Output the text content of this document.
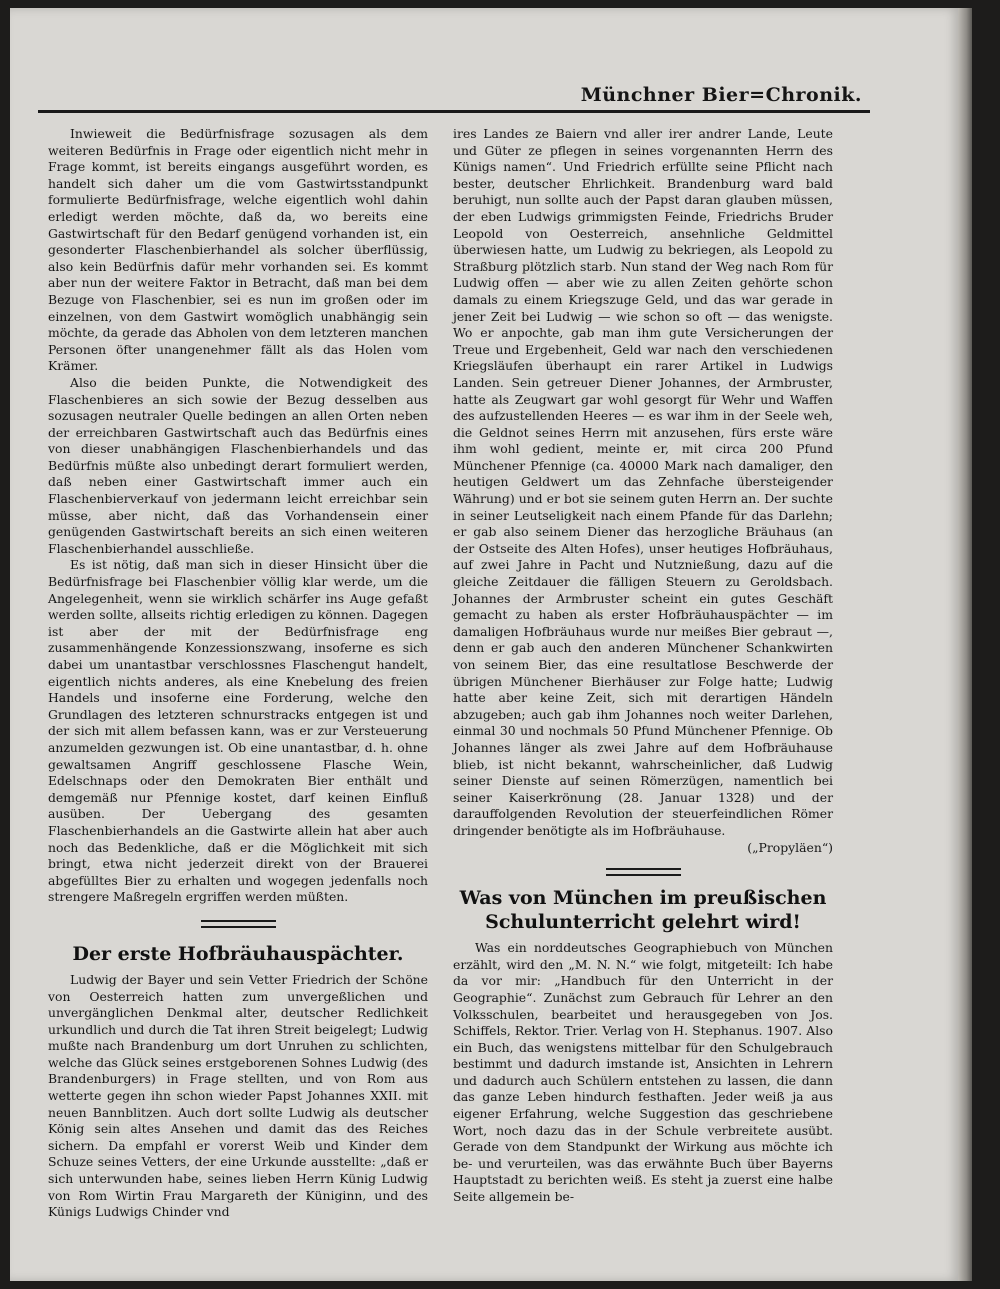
Münchner Bier=Chronik.

Inwieweit die Bedürfnisfrage sozusagen als dem weiteren Bedürfnis in Frage oder eigentlich nicht mehr in Frage kommt, ist bereits eingangs ausgeführt worden, es handelt sich daher um die vom Gastwirtsstandpunkt formulierte Bedürfnisfrage, welche eigentlich wohl dahin erledigt werden möchte, daß da, wo bereits eine Gastwirtschaft für den Bedarf genügend vorhanden ist, ein gesonderter Flaschenbierhandel als solcher überflüssig, also kein Bedürfnis dafür mehr vorhanden sei. Es kommt aber nun der weitere Faktor in Betracht, daß man bei dem Bezuge von Flaschenbier, sei es nun im großen oder im einzelnen, von dem Gastwirt womöglich unabhängig sein möchte, da gerade das Abholen von dem letzteren manchen Personen öfter unangenehmer fällt als das Holen vom Krämer.

Also die beiden Punkte, die Notwendigkeit des Flaschenbieres an sich sowie der Bezug desselben aus sozusagen neutraler Quelle bedingen an allen Orten neben der erreichbaren Gastwirtschaft auch das Bedürfnis eines von dieser unabhängigen Flaschenbierhandels und das Bedürfnis müßte also unbedingt derart formuliert werden, daß neben einer Gastwirtschaft immer auch ein Flaschenbierverkauf von jedermann leicht erreichbar sein müsse, aber nicht, daß das Vorhandensein einer genügenden Gastwirtschaft bereits an sich einen weiteren Flaschenbierhandel ausschließe.

Es ist nötig, daß man sich in dieser Hinsicht über die Bedürfnisfrage bei Flaschenbier völlig klar werde, um die Angelegenheit, wenn sie wirklich schärfer ins Auge gefaßt werden sollte, allseits richtig erledigen zu können. Dagegen ist aber der mit der Bedürfnisfrage eng zusammenhängende Konzessionszwang, insoferne es sich dabei um unantastbar verschlossnes Flaschengut handelt, eigentlich nichts anderes, als eine Knebelung des freien Handels und insoferne eine Forderung, welche den Grundlagen des letzteren schnurstracks entgegen ist und der sich mit allem befassen kann, was er zur Versteuerung anzumelden gezwungen ist. Ob eine unantastbar, d. h. ohne gewaltsamen Angriff geschlossene Flasche Wein, Edelschnaps oder den Demokraten Bier enthält und demgemäß nur Pfennige kostet, darf keinen Einfluß ausüben. Der Uebergang des gesamten Flaschenbierhandels an die Gastwirte allein hat aber auch noch das Bedenkliche, daß er die Möglichkeit mit sich bringt, etwa nicht jederzeit direkt von der Brauerei abgefülltes Bier zu erhalten und wogegen jedenfalls noch strengere Maßregeln ergriffen werden müßten.

Der erste Hofbräuhauspächter.

Ludwig der Bayer und sein Vetter Friedrich der Schöne von Oesterreich hatten zum unvergeßlichen und unvergänglichen Denkmal alter, deutscher Redlichkeit urkundlich und durch die Tat ihren Streit beigelegt; Ludwig mußte nach Brandenburg um dort Unruhen zu schlichten, welche das Glück seines erstgeborenen Sohnes Ludwig (des Brandenburgers) in Frage stellten, und von Rom aus wetterte gegen ihn schon wieder Papst Johannes XXII. mit neuen Bannblitzen. Auch dort sollte Ludwig als deutscher König sein altes Ansehen und damit das des Reiches sichern. Da empfahl er vorerst Weib und Kinder dem Schuze seines Vetters, der eine Urkunde ausstellte: „daß er sich unterwunden habe, seines lieben Herrn Künig Ludwig von Rom Wirtin Frau Margareth der Küniginn, und des Künigs Ludwigs Chinder vnd

ires Landes ze Baiern vnd aller irer andrer Lande, Leute und Güter ze pflegen in seines vorgenannten Herrn des Künigs namen“. Und Friedrich erfüllte seine Pflicht nach bester, deutscher Ehrlichkeit. Brandenburg ward bald beruhigt, nun sollte auch der Papst daran glauben müssen, der eben Ludwigs grimmigsten Feinde, Friedrichs Bruder Leopold von Oesterreich, ansehnliche Geldmittel überwiesen hatte, um Ludwig zu bekriegen, als Leopold zu Straßburg plötzlich starb. Nun stand der Weg nach Rom für Ludwig offen — aber wie zu allen Zeiten gehörte schon damals zu einem Kriegszuge Geld, und das war gerade in jener Zeit bei Ludwig — wie schon so oft — das wenigste. Wo er anpochte, gab man ihm gute Versicherungen der Treue und Ergebenheit, Geld war nach den verschiedenen Kriegsläufen überhaupt ein rarer Artikel in Ludwigs Landen. Sein getreuer Diener Johannes, der Armbruster, hatte als Zeugwart gar wohl gesorgt für Wehr und Waffen des aufzustellenden Heeres — es war ihm in der Seele weh, die Geldnot seines Herrn mit anzusehen, fürs erste wäre ihm wohl gedient, meinte er, mit circa 200 Pfund Münchener Pfennige (ca. 40000 Mark nach damaliger, den heutigen Geldwert um das Zehnfache übersteigender Währung) und er bot sie seinem guten Herrn an. Der suchte in seiner Leutseligkeit nach einem Pfande für das Darlehn; er gab also seinem Diener das herzogliche Bräuhaus (an der Ostseite des Alten Hofes), unser heutiges Hofbräuhaus, auf zwei Jahre in Pacht und Nutznießung, dazu auf die gleiche Zeitdauer die fälligen Steuern zu Geroldsbach. Johannes der Armbruster scheint ein gutes Geschäft gemacht zu haben als erster Hofbräuhauspächter — im damaligen Hofbräuhaus wurde nur meißes Bier gebraut —, denn er gab auch den anderen Münchener Schankwirten von seinem Bier, das eine resultatlose Beschwerde der übrigen Münchener Bierhäuser zur Folge hatte; Ludwig hatte aber keine Zeit, sich mit derartigen Händeln abzugeben; auch gab ihm Johannes noch weiter Darlehen, einmal 30 und nochmals 50 Pfund Münchener Pfennige. Ob Johannes länger als zwei Jahre auf dem Hofbräuhause blieb, ist nicht bekannt, wahrscheinlicher, daß Ludwig seiner Dienste auf seinen Römerzügen, namentlich bei seiner Kaiserkrönung (28. Januar 1328) und der darauffolgenden Revolution der steuerfeindlichen Römer dringender benötigte als im Hofbräuhause.

(„Propyläen“)
Was von München im preußischen
Schulunterricht gelehrt wird!

Was ein norddeutsches Geographiebuch von München erzählt, wird den „M. N. N.“ wie folgt, mitgeteilt: Ich habe da vor mir: „Handbuch für den Unterricht in der Geographie“. Zunächst zum Gebrauch für Lehrer an den Volksschulen, bearbeitet und herausgegeben von Jos. Schiffels, Rektor. Trier. Verlag von H. Stephanus. 1907. Also ein Buch, das wenigstens mittelbar für den Schulgebrauch bestimmt und dadurch imstande ist, Ansichten in Lehrern und dadurch auch Schülern entstehen zu lassen, die dann das ganze Leben hindurch festhaften. Jeder weiß ja aus eigener Erfahrung, welche Suggestion das geschriebene Wort, noch dazu das in der Schule verbreitete ausübt. Gerade von dem Standpunkt der Wirkung aus möchte ich be- und verurteilen, was das erwähnte Buch über Bayerns Hauptstadt zu berichten weiß. Es steht ja zuerst eine halbe Seite allgemein be-
